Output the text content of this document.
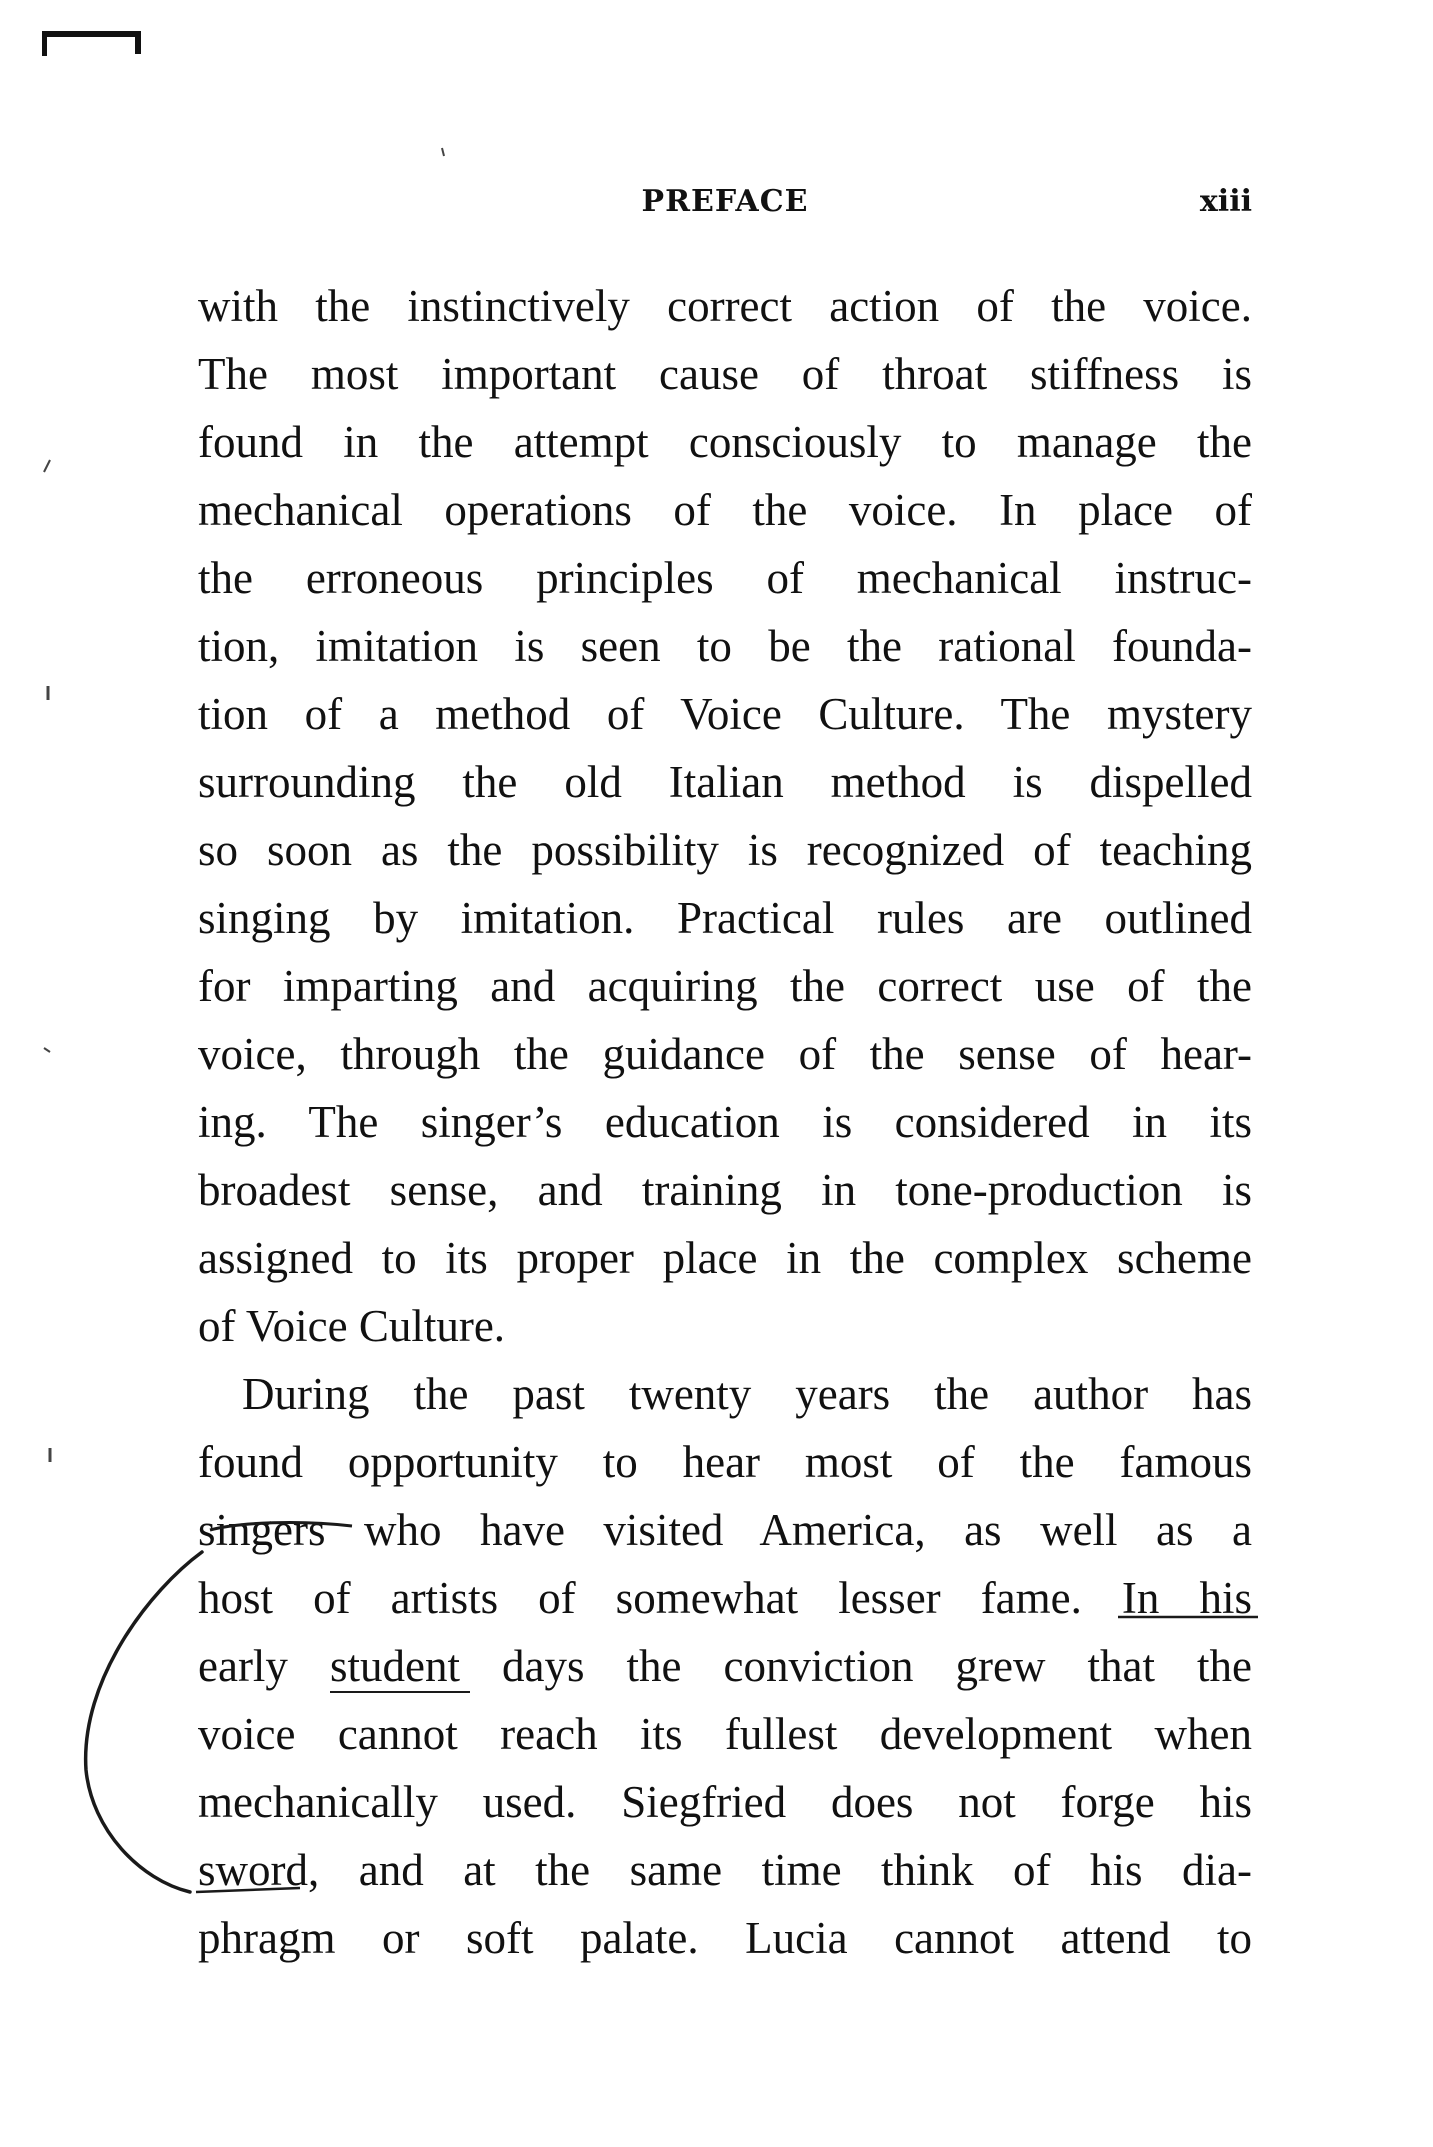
PREFACE	xiii
with the instinctively correct action of the voice.
The most important cause of throat stiffness is
found in the attempt consciously to manage the
mechanical operations of the voice. In place of
the erroneous principles of mechanical instruc-
tion, imitation is seen to be the rational founda-
tion of a method of Voice Culture. The mystery
surrounding the old Italian method is dispelled
so soon as the possibility is recognized of teaching
singing by imitation. Practical rules are outlined
for imparting and acquiring the correct use of the
voice, through the guidance of the sense of hear-
ing. The singer’s education is considered in its
broadest sense, and training in tone-production is
assigned to its proper place in the complex scheme
of Voice Culture.
During the past twenty years the author has
found opportunity to hear most of the famous
singers who have visited America, as well as a
host of artists of somewhat lesser fame. In his
early student days the conviction grew that the
voice cannot reach its fullest development when
mechanically used. Siegfried does not forge his
sword, and at the same time think of his dia-
phragm or soft palate. Lucia cannot attend to
